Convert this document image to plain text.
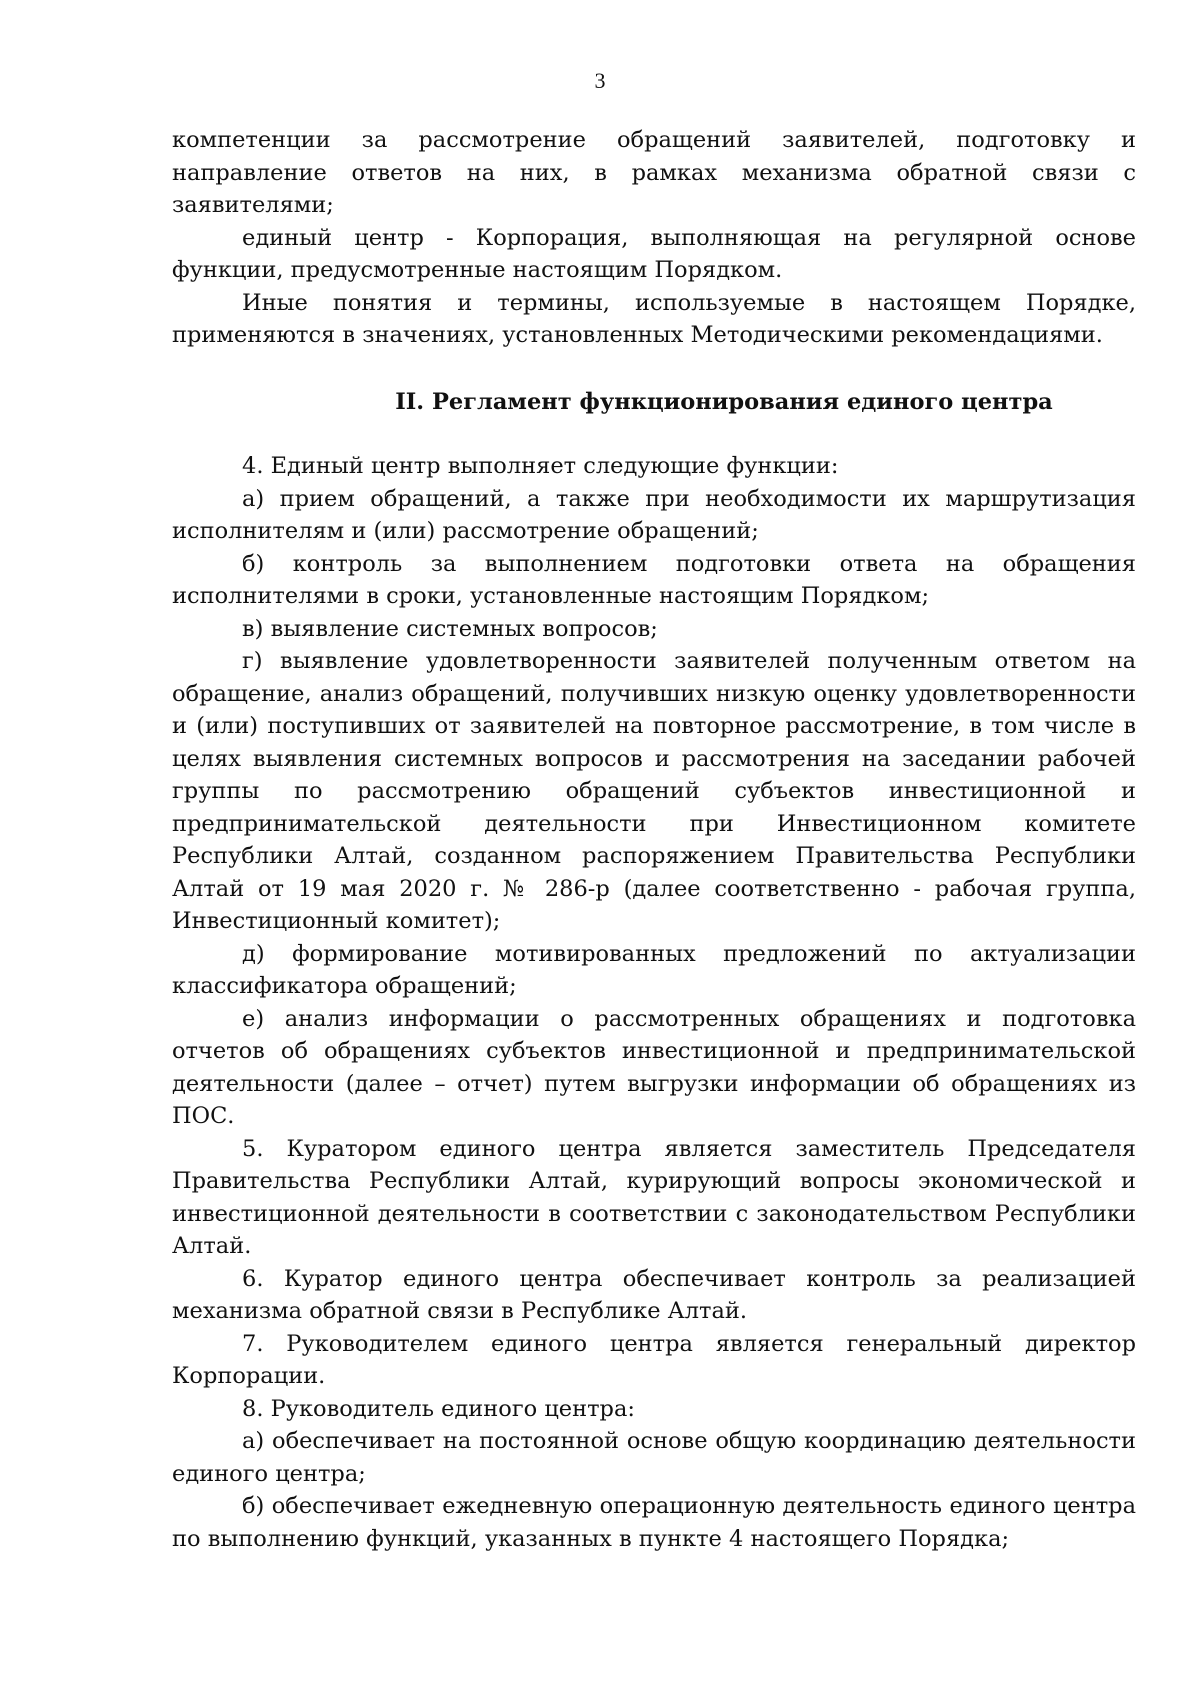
3

компетенции за рассмотрение обращений заявителей, подготовку и направление ответов на них, в рамках механизма обратной связи с заявителями;

единый центр - Корпорация, выполняющая на регулярной основе функции, предусмотренные настоящим Порядком.

Иные понятия и термины, используемые в настоящем Порядке, применяются в значениях, установленных Методическими рекомендациями.

II. Регламент функционирования единого центра

4. Единый центр выполняет следующие функции:

а) прием обращений, а также при необходимости их маршрутизация исполнителям и (или) рассмотрение обращений;

б) контроль за выполнением подготовки ответа на обращения исполнителями в сроки, установленные настоящим Порядком;

в) выявление системных вопросов;

г) выявление удовлетворенности заявителей полученным ответом на обращение, анализ обращений, получивших низкую оценку удовлетворенности и (или) поступивших от заявителей на повторное рассмотрение, в том числе в целях выявления системных вопросов и рассмотрения на заседании рабочей группы по рассмотрению обращений субъектов инвестиционной и предпринимательской деятельности при Инвестиционном комитете Республики Алтай, созданном распоряжением Правительства Республики Алтай от 19 мая 2020 г. № 286-р (далее соответственно - рабочая группа, Инвестиционный комитет);

д) формирование мотивированных предложений по актуализации классификатора обращений;

е) анализ информации о рассмотренных обращениях и подготовка отчетов об обращениях субъектов инвестиционной и предпринимательской деятельности (далее – отчет) путем выгрузки информации об обращениях из ПОС.

5. Куратором единого центра является заместитель Председателя Правительства Республики Алтай, курирующий вопросы экономической и инвестиционной деятельности в соответствии с законодательством Республики Алтай.

6. Куратор единого центра обеспечивает контроль за реализацией механизма обратной связи в Республике Алтай.

7. Руководителем единого центра является генеральный директор Корпорации.

8. Руководитель единого центра:

а) обеспечивает на постоянной основе общую координацию деятельности единого центра;

б) обеспечивает ежедневную операционную деятельность единого центра по выполнению функций, указанных в пункте 4 настоящего Порядка;
